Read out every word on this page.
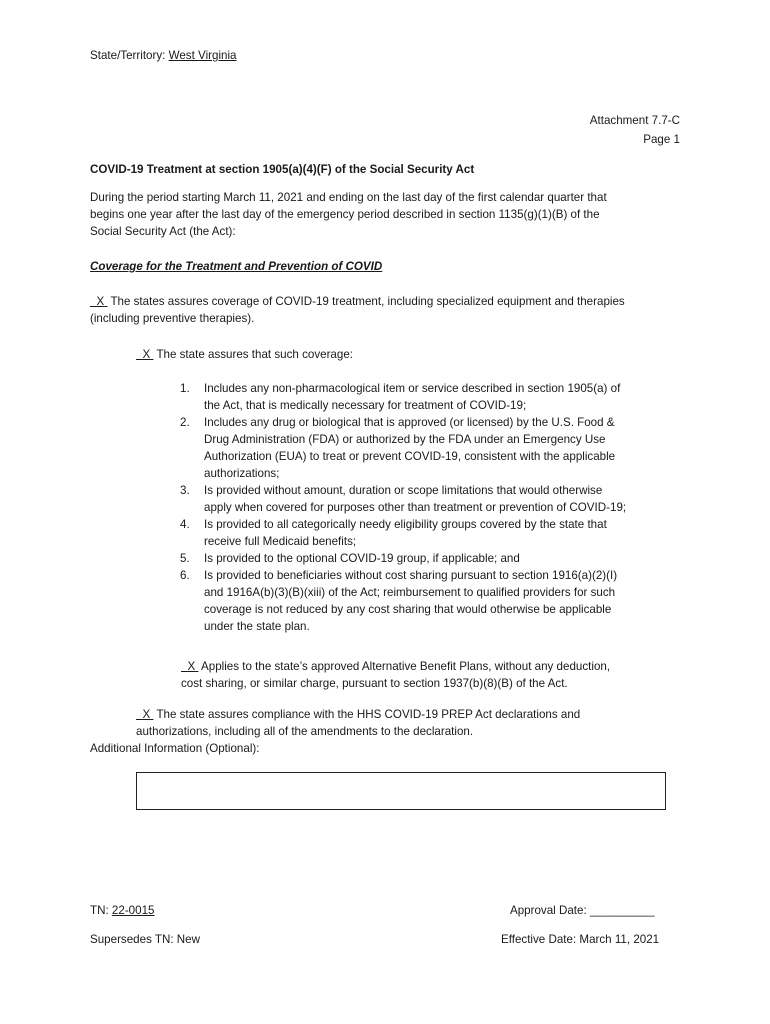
State/Territory: West Virginia
Attachment 7.7-C
Page 1
COVID-19 Treatment at section 1905(a)(4)(F) of the Social Security Act
During the period starting March 11, 2021 and ending on the last day of the first calendar quarter that
begins one year after the last day of the emergency period described in section 1135(g)(1)(B) of the
Social Security Act (the Act):
Coverage for the Treatment and Prevention of COVID
X The states assures coverage of COVID-19 treatment, including specialized equipment and therapies
(including preventive therapies).
X The state assures that such coverage:
1. Includes any non-pharmacological item or service described in section 1905(a) of
the Act, that is medically necessary for treatment of COVID-19;
2. Includes any drug or biological that is approved (or licensed) by the U.S. Food &
Drug Administration (FDA) or authorized by the FDA under an Emergency Use
Authorization (EUA) to treat or prevent COVID-19, consistent with the applicable
authorizations;
3. Is provided without amount, duration or scope limitations that would otherwise
apply when covered for purposes other than treatment or prevention of COVID-19;
4. Is provided to all categorically needy eligibility groups covered by the state that
receive full Medicaid benefits;
5. Is provided to the optional COVID-19 group, if applicable; and
6. Is provided to beneficiaries without cost sharing pursuant to section 1916(a)(2)(I)
and 1916A(b)(3)(B)(xiii) of the Act; reimbursement to qualified providers for such
coverage is not reduced by any cost sharing that would otherwise be applicable
under the state plan.
X Applies to the state’s approved Alternative Benefit Plans, without any deduction,
cost sharing, or similar charge, pursuant to section 1937(b)(8)(B) of the Act.
X The state assures compliance with the HHS COVID-19 PREP Act declarations and
authorizations, including all of the amendments to the declaration.
Additional Information (Optional):
TN: 22-0015	Approval Date: __________
Supersedes TN: New	Effective Date: March 11, 2021
